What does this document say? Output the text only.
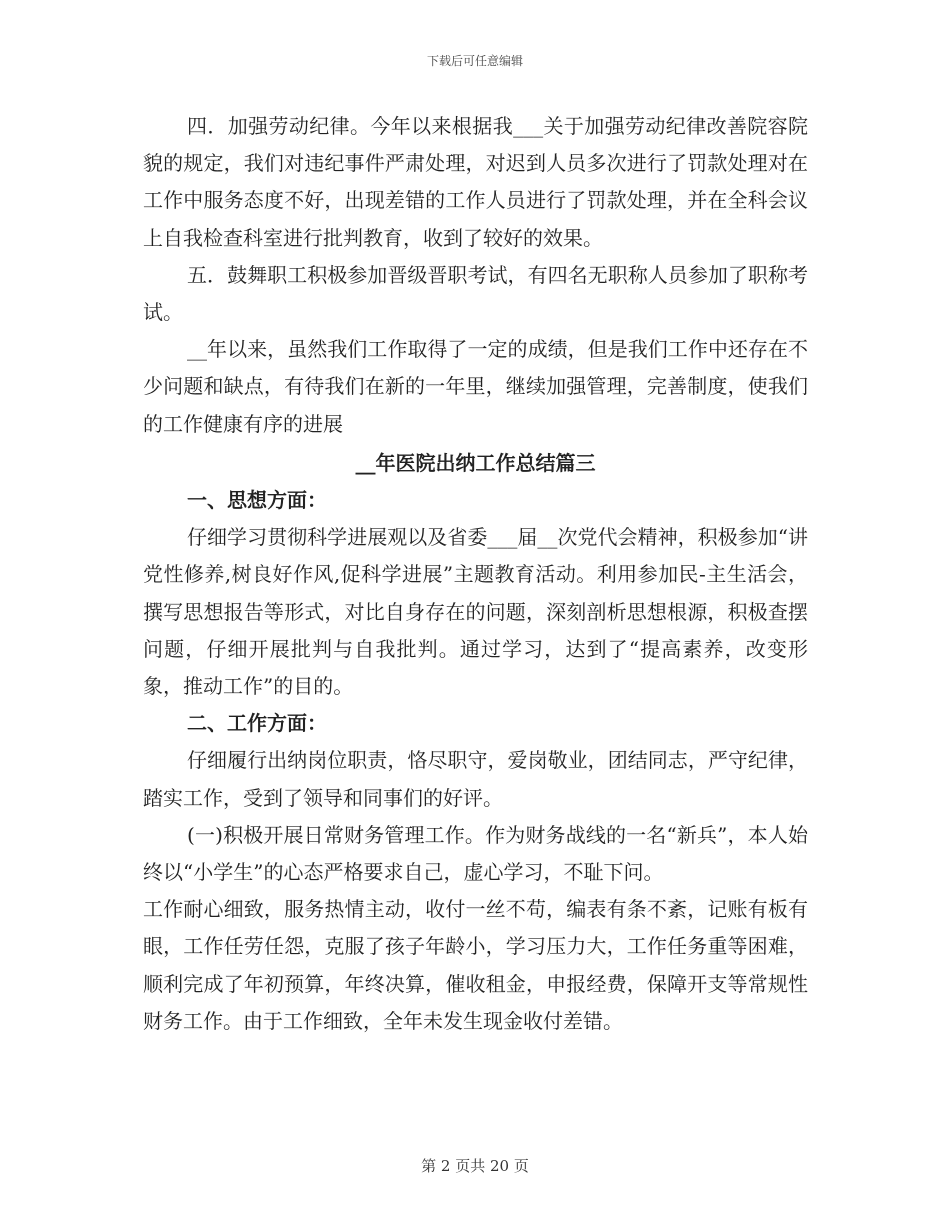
下载后可任意编辑

四．加强劳动纪律。今年以来根据我___关于加强劳动纪律改善院容院貌的规定，我们对违纪事件严肃处理，对迟到人员多次进行了罚款处理对在工作中服务态度不好，出现差错的工作人员进行了罚款处理，并在全科会议上自我检查科室进行批判教育，收到了较好的效果。

五．鼓舞职工积极参加晋级晋职考试，有四名无职称人员参加了职称考试。

__年以来，虽然我们工作取得了一定的成绩，但是我们工作中还存在不少问题和缺点，有待我们在新的一年里，继续加强管理，完善制度，使我们的工作健康有序的进展

__年医院出纳工作总结篇三

一、思想方面：

仔细学习贯彻科学进展观以及省委___届__次党代会精神，积极参加“讲党性修养,树良好作风,促科学进展”主题教育活动。利用参加民-主生活会，撰写思想报告等形式，对比自身存在的问题，深刻剖析思想根源，积极查摆问题，仔细开展批判与自我批判。通过学习，达到了“提高素养，改变形象，推动工作”的目的。

二、工作方面：

仔细履行出纳岗位职责，恪尽职守，爱岗敬业，团结同志，严守纪律，踏实工作，受到了领导和同事们的好评。

(一)积极开展日常财务管理工作。作为财务战线的一名“新兵”，本人始终以“小学生”的心态严格要求自己，虚心学习，不耻下问。

工作耐心细致，服务热情主动，收付一丝不苟，编表有条不紊，记账有板有眼，工作任劳任怨，克服了孩子年龄小，学习压力大，工作任务重等困难，顺利完成了年初预算，年终决算，催收租金，申报经费，保障开支等常规性财务工作。由于工作细致，全年未发生现金收付差错。

第 2 页共 20 页
